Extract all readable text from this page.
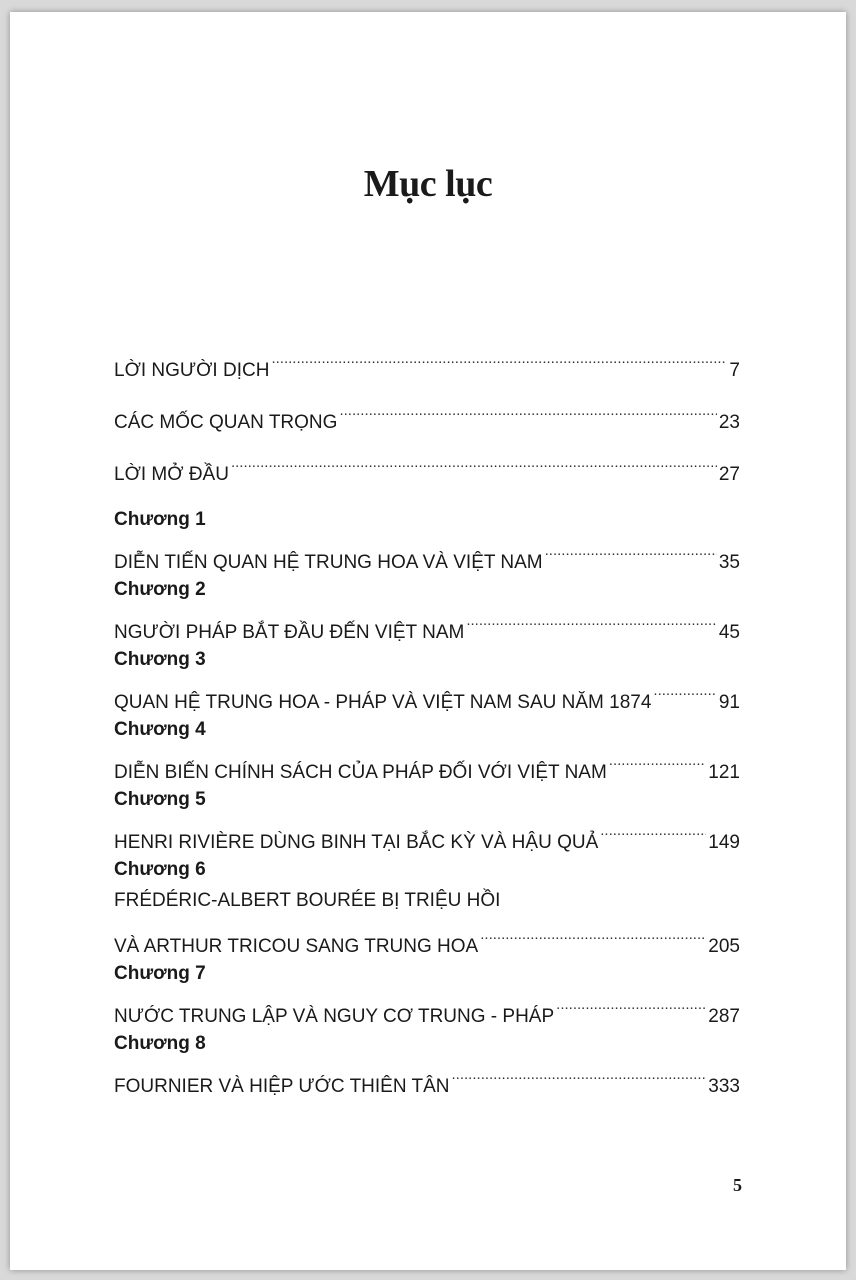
Mục lục
LỜI NGƯỜI DỊCH .....	7
CÁC MỐC QUAN TRỌNG .....	23
LỜI MỞ ĐẦU .....	27
Chương 1
DIỄN TIẾN QUAN HỆ TRUNG HOA VÀ VIỆT NAM .....	35
Chương 2
NGƯỜI PHÁP BẮT ĐẦU ĐẾN VIỆT NAM .....	45
Chương 3
QUAN HỆ TRUNG HOA - PHÁP VÀ VIỆT NAM SAU NĂM 1874 .....	91
Chương 4
DIỄN BIẾN CHÍNH SÁCH CỦA PHÁP ĐỐI VỚI VIỆT NAM .....	121
Chương 5
HENRI RIVIÈRE DÙNG BINH TẠI BẮC KỲ VÀ HẬU QUẢ .....	149
Chương 6
FRÉDÉRIC-ALBERT BOURÉE BỊ TRIỆU HỒI
VÀ ARTHUR TRICOU SANG TRUNG HOA .....	205
Chương 7
NƯỚC TRUNG LẬP VÀ NGUY CƠ TRUNG - PHÁP .....	287
Chương 8
FOURNIER VÀ HIỆP ƯỚC THIÊN TÂN .....	333
5
